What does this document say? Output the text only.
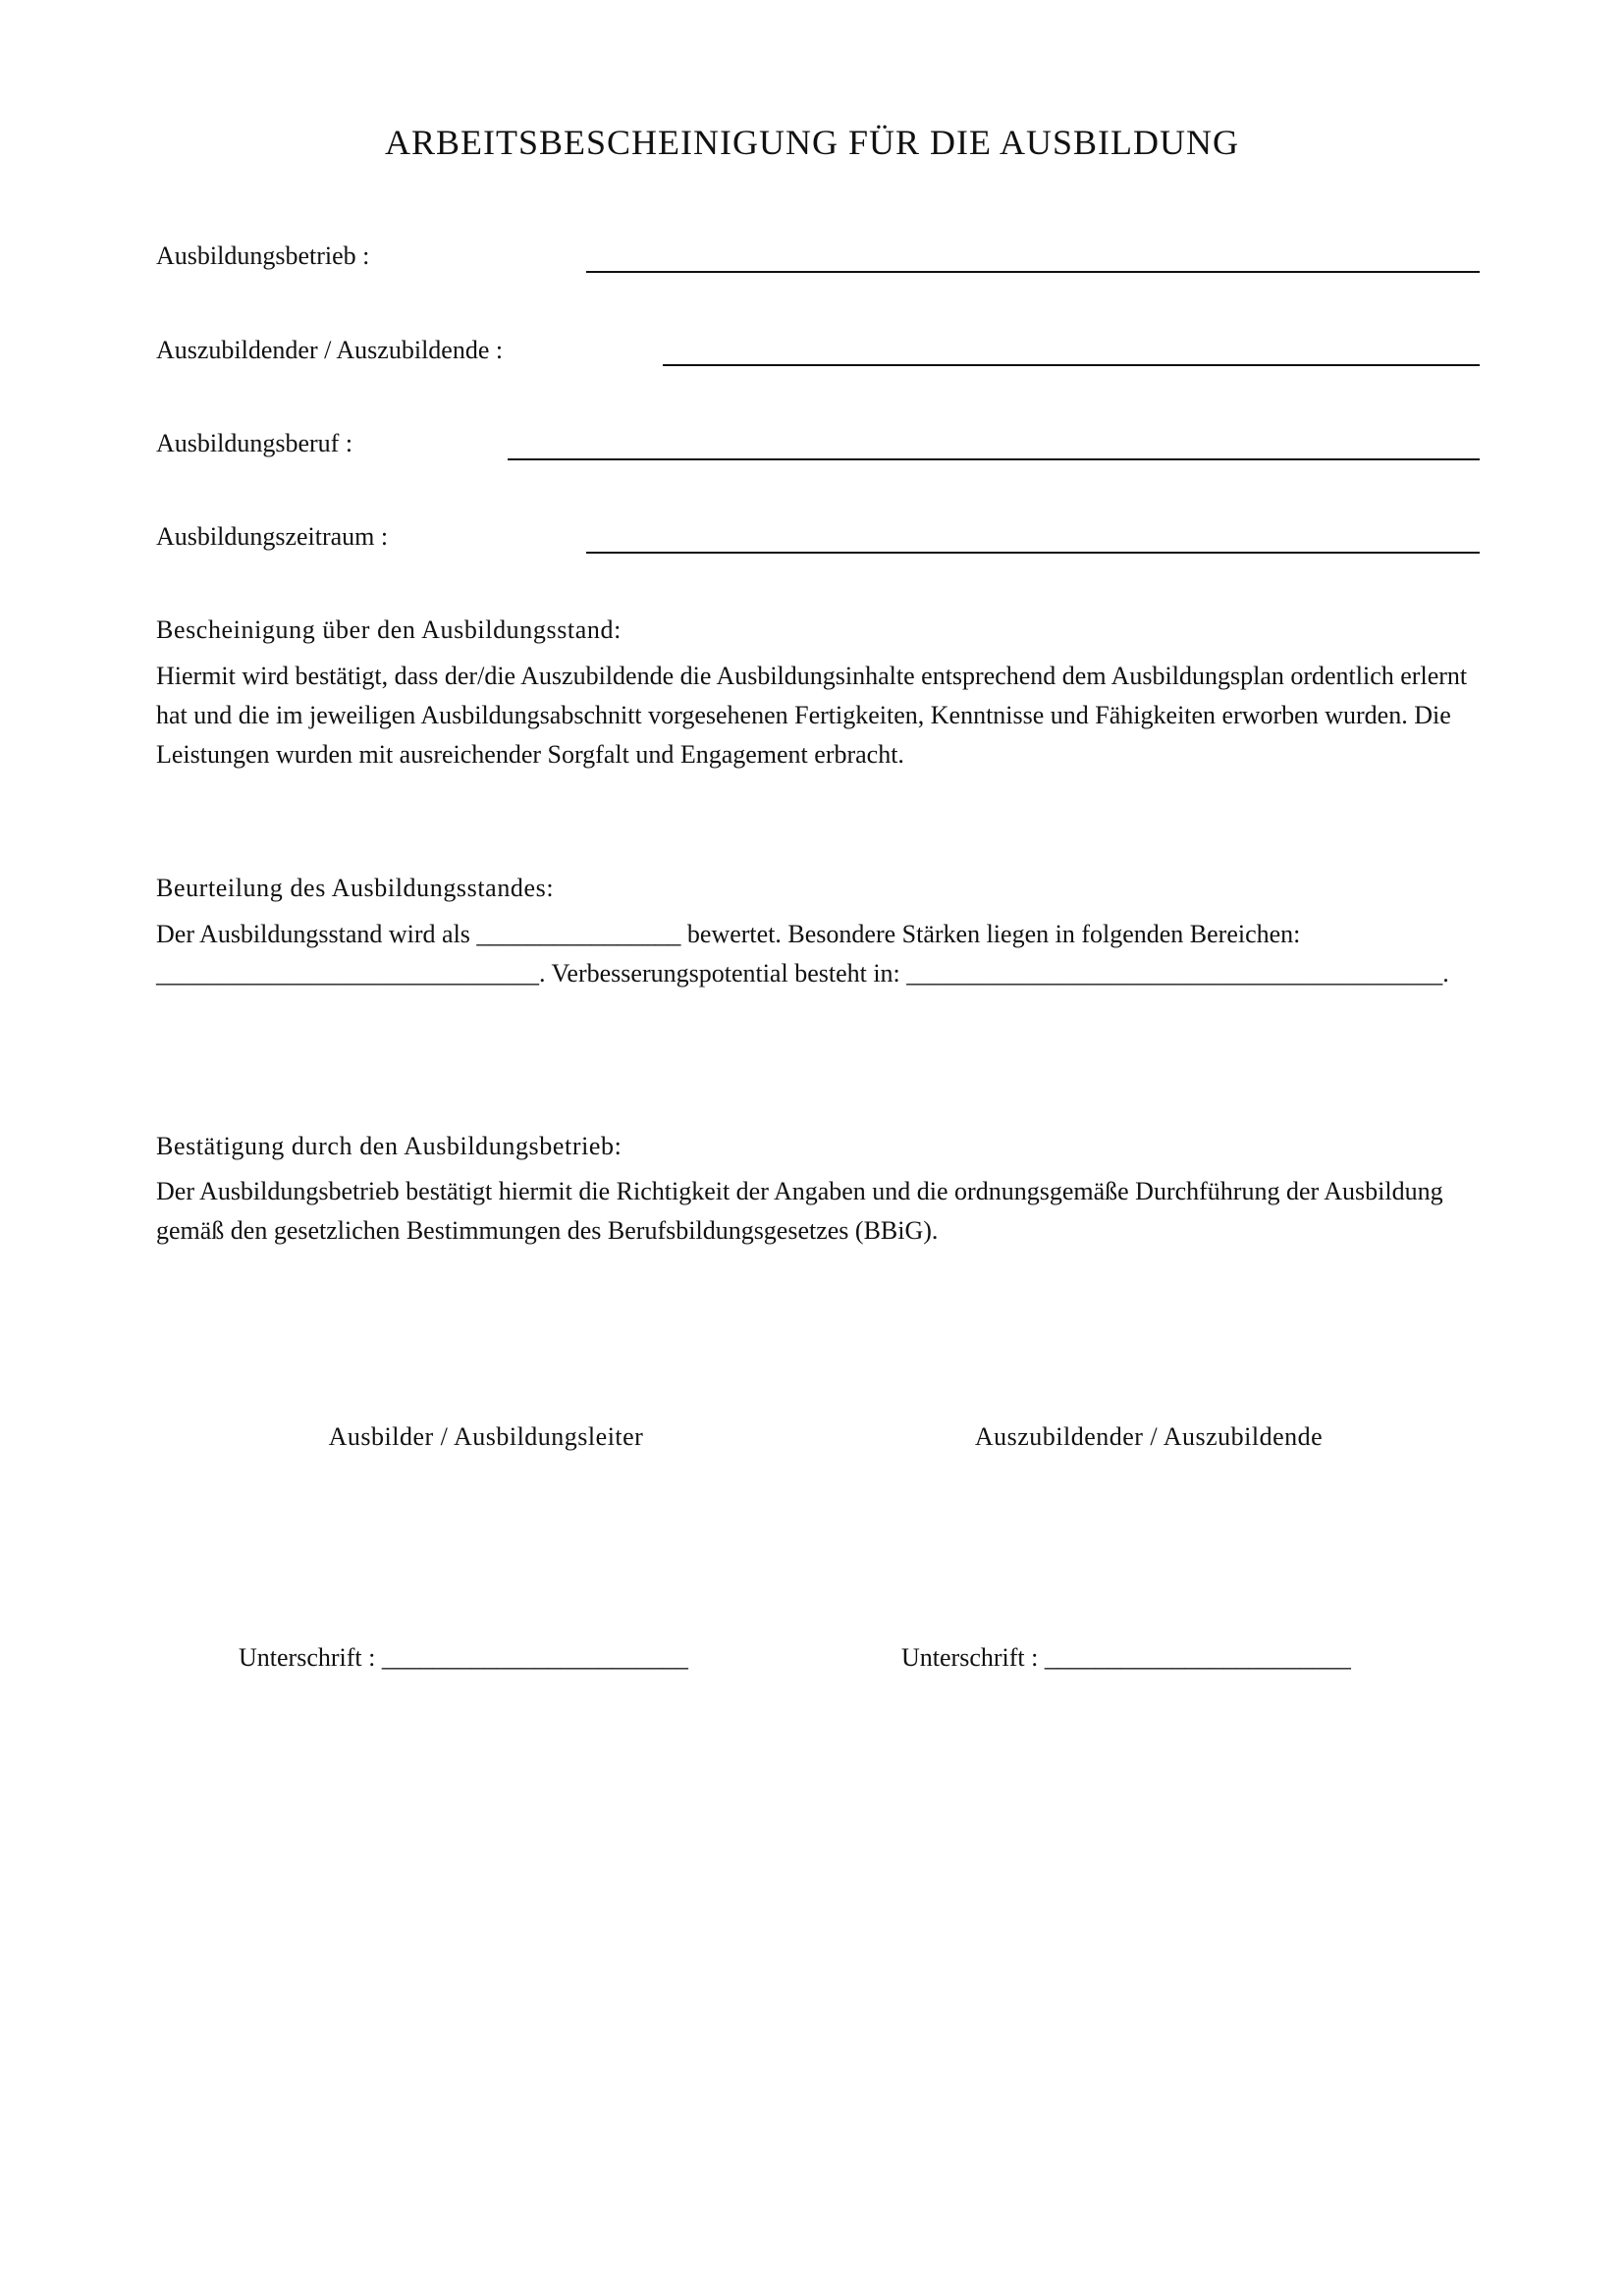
ARBEITSBESCHEINIGUNG FÜR DIE AUSBILDUNG
Ausbildungsbetrieb :
Auszubildender / Auszubildende :
Ausbildungsberuf :
Ausbildungszeitraum :
Bescheinigung über den Ausbildungsstand:
Hiermit wird bestätigt, dass der/die Auszubildende die Ausbildungsinhalte entsprechend dem Ausbildungsplan ordentlich erlernt hat und die im jeweiligen Ausbildungsabschnitt vorgesehenen Fertigkeiten, Kenntnisse und Fähigkeiten erworben wurden. Die Leistungen wurden mit ausreichender Sorgfalt und Engagement erbracht.
Beurteilung des Ausbildungsstandes:
Der Ausbildungsstand wird als ________________ bewertet. Besondere Stärken liegen in folgenden Bereichen: ______________________________. Verbesserungspotential besteht in: __________________________________________.
Bestätigung durch den Ausbildungsbetrieb:
Der Ausbildungsbetrieb bestätigt hiermit die Richtigkeit der Angaben und die ordnungsgemäße Durchführung der Ausbildung gemäß den gesetzlichen Bestimmungen des Berufsbildungsgesetzes (BBiG).
Ausbilder / Ausbildungsleiter	Auszubildender / Auszubildende
Unterschrift : ________________________	Unterschrift : ________________________
